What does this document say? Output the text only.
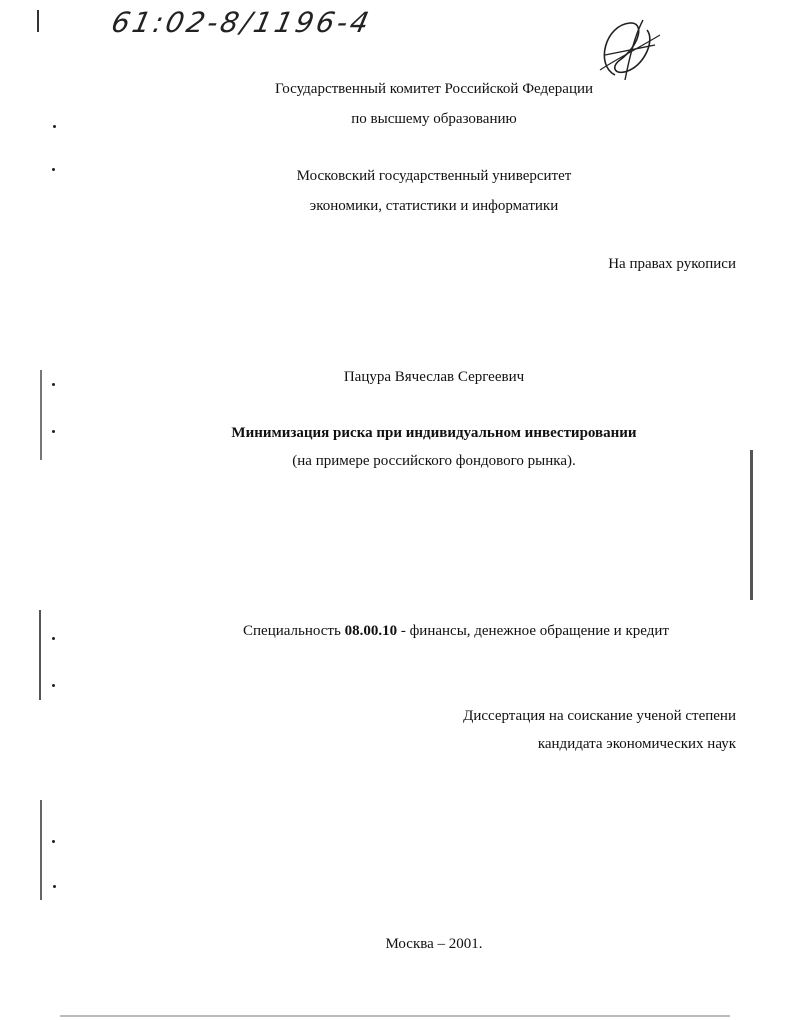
61:02-8/1196-4
Государственный комитет Российской Федерации
по высшему образованию
Московский государственный университет
экономики, статистики и информатики
На правах рукописи
Пацура Вячеслав Сергеевич
Минимизация риска при индивидуальном инвестировании
(на примере российского фондового рынка).
Специальность 08.00.10 - финансы, денежное обращение и кредит
Диссертация на соискание ученой степени
кандидата экономических наук
Москва – 2001.
